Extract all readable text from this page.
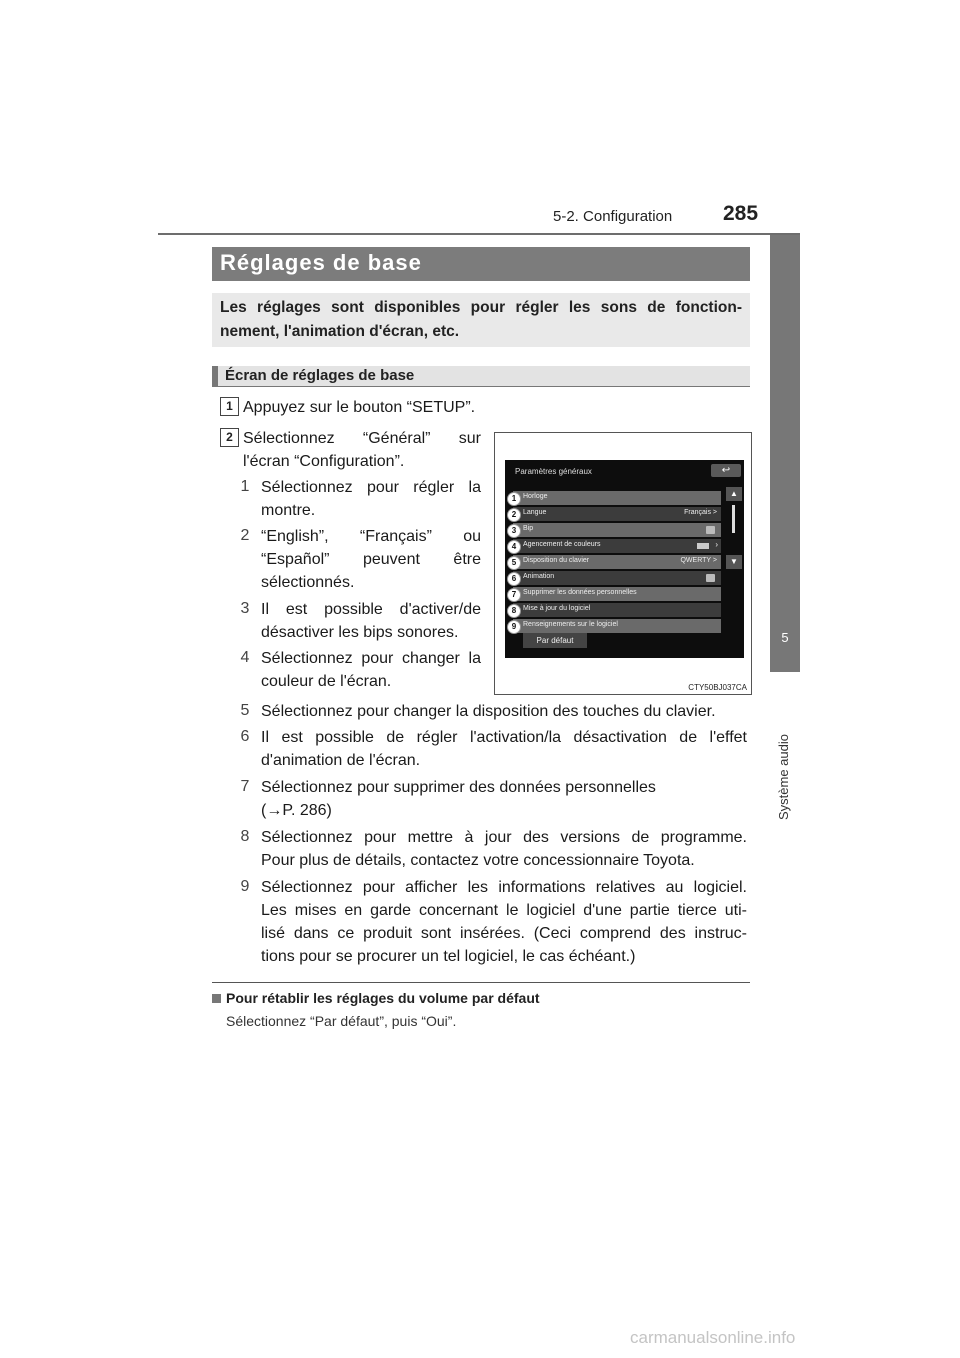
5-2. Configuration 285
5
Système audio
Réglages de base

Les réglages sont disponibles pour régler les sons de fonction-nement, l'animation d'écran, etc.

Écran de réglages de base
1 Appuyez sur le bouton “SETUP”.
2 Sélectionnez “Général” sur
l'écran “Configuration”.
1 Sélectionnez pour régler la
montre.
2 “English”, “Français” ou
“Español” peuvent être
sélectionnés.
3 Il est possible d'activer/de
désactiver les bips sonores.
4 Sélectionnez pour changer la
couleur de l'écran.
5 Sélectionnez pour changer la disposition des touches du clavier.
6 Il est possible de régler l'activation/la désactivation de l'effet
d'animation de l'écran.
7 Sélectionnez pour supprimer des données personnelles
(→P. 286)
8 Sélectionnez pour mettre à jour des versions de programme.
Pour plus de détails, contactez votre concessionnaire Toyota.
9 Sélectionnez pour afficher les informations relatives au logiciel.
Les mises en garde concernant le logiciel d'une partie tierce uti-
lisé dans ce produit sont insérées. (Ceci comprend des instruc-
tions pour se procurer un tel logiciel, le cas échéant.)
Paramètres généraux	↩
1 Horloge
2 Langue	Français >
3 Bip
4 Agencement de couleurs	›
5 Disposition du clavier	QWERTY >
6 Animation
7 Supprimer les données personnelles
8 Mise à jour du logiciel
9 Renseignements sur le logiciel
▲
▼
Par défaut
CTY50BJ037CA
Pour rétablir les réglages du volume par défaut
Sélectionnez “Par défaut”, puis “Oui”.
carmanualsonline.info
